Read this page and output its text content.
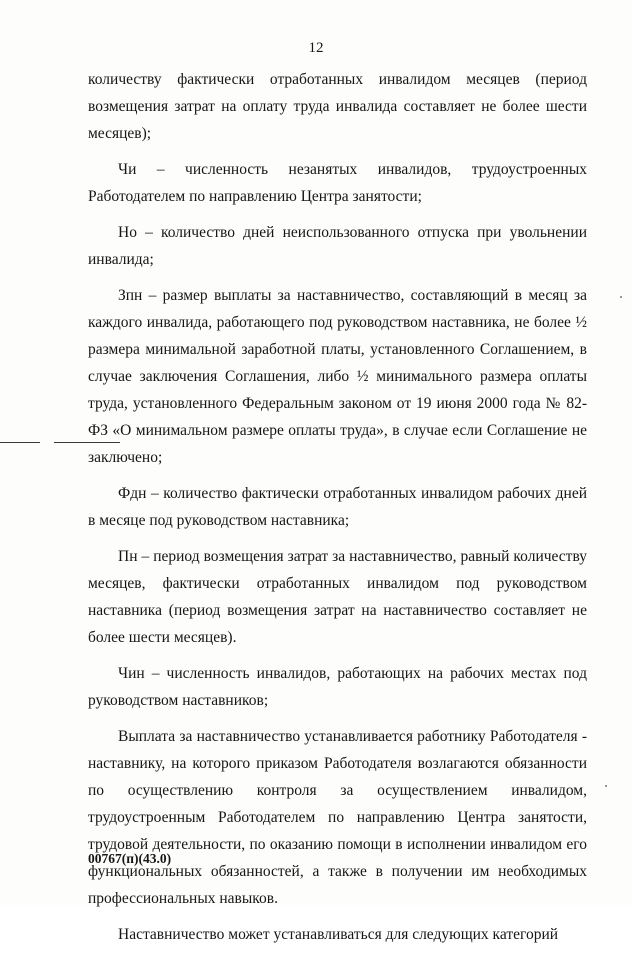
12

количеству фактически отработанных инвалидом месяцев (период возмещения затрат на оплату труда инвалида составляет не более шести месяцев);

Чи – численность незанятых инвалидов, трудоустроенных Работодателем по направлению Центра занятости;

Но – количество дней неиспользованного отпуска при увольнении инвалида;

Зпн – размер выплаты за наставничество, составляющий в месяц за каждого инвалида, работающего под руководством наставника, не более ½ размера минимальной заработной платы, установленного Соглашением, в случае заключения Соглашения, либо ½ минимального размера оплаты труда, установленного Федеральным законом от 19 июня 2000 года № 82-ФЗ «О минимальном размере оплаты труда», в случае если Соглашение не заключено;

Фдн – количество фактически отработанных инвалидом рабочих дней в месяце под руководством наставника;

Пн – период возмещения затрат за наставничество, равный количеству месяцев, фактически отработанных инвалидом под руководством наставника (период возмещения затрат на наставничество составляет не более шести месяцев).

Чин – численность инвалидов, работающих на рабочих местах под руководством наставников;

Выплата за наставничество устанавливается работнику Работодателя - наставнику, на которого приказом Работодателя возлагаются обязанности по осуществлению контроля за осуществлением инвалидом, трудоустроенным Работодателем по направлению Центра занятости, трудовой деятельности, по оказанию помощи в исполнении инвалидом его функциональных обязанностей, а также в получении им необходимых профессиональных навыков.

Наставничество может устанавливаться для следующих категорий

00767(п)(43.0)
